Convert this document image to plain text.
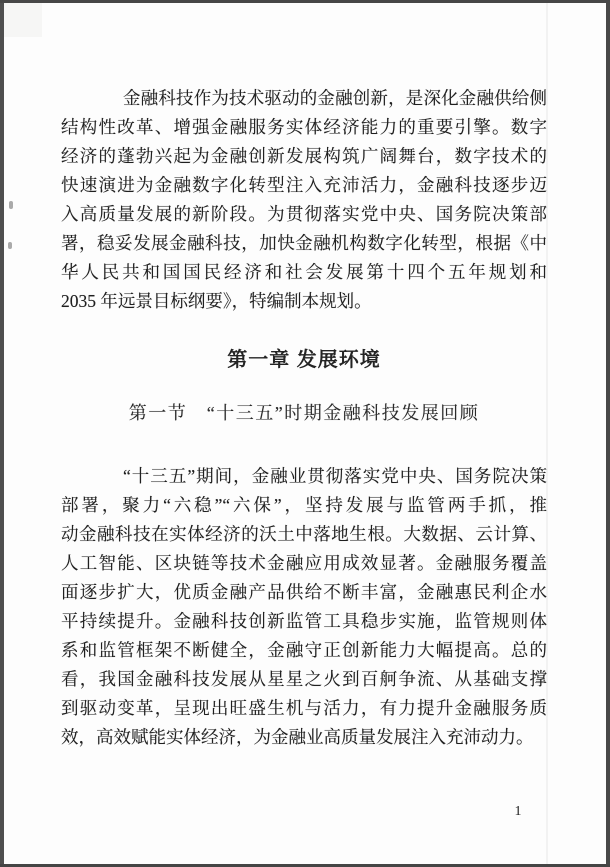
金融科技作为技术驱动的金融创新，是深化金融供给侧
结构性改革、增强金融服务实体经济能力的重要引擎。数字
经济的蓬勃兴起为金融创新发展构筑广阔舞台，数字技术的
快速演进为金融数字化转型注入充沛活力，金融科技逐步迈
入高质量发展的新阶段。为贯彻落实党中央、国务院决策部
署，稳妥发展金融科技，加快金融机构数字化转型，根据《中
华人民共和国国民经济和社会发展第十四个五年规划和
2035 年远景目标纲要》，特编制本规划。
第一章 发展环境
第一节　“十三五”时期金融科技发展回顾
“十三五”期间，金融业贯彻落实党中央、国务院决策
部署，聚力“六稳”“六保”，坚持发展与监管两手抓，推
动金融科技在实体经济的沃土中落地生根。大数据、云计算、
人工智能、区块链等技术金融应用成效显著。金融服务覆盖
面逐步扩大，优质金融产品供给不断丰富，金融惠民利企水
平持续提升。金融科技创新监管工具稳步实施，监管规则体
系和监管框架不断健全，金融守正创新能力大幅提高。总的
看，我国金融科技发展从星星之火到百舸争流、从基础支撑
到驱动变革，呈现出旺盛生机与活力，有力提升金融服务质
效，高效赋能实体经济，为金融业高质量发展注入充沛动力。
1
